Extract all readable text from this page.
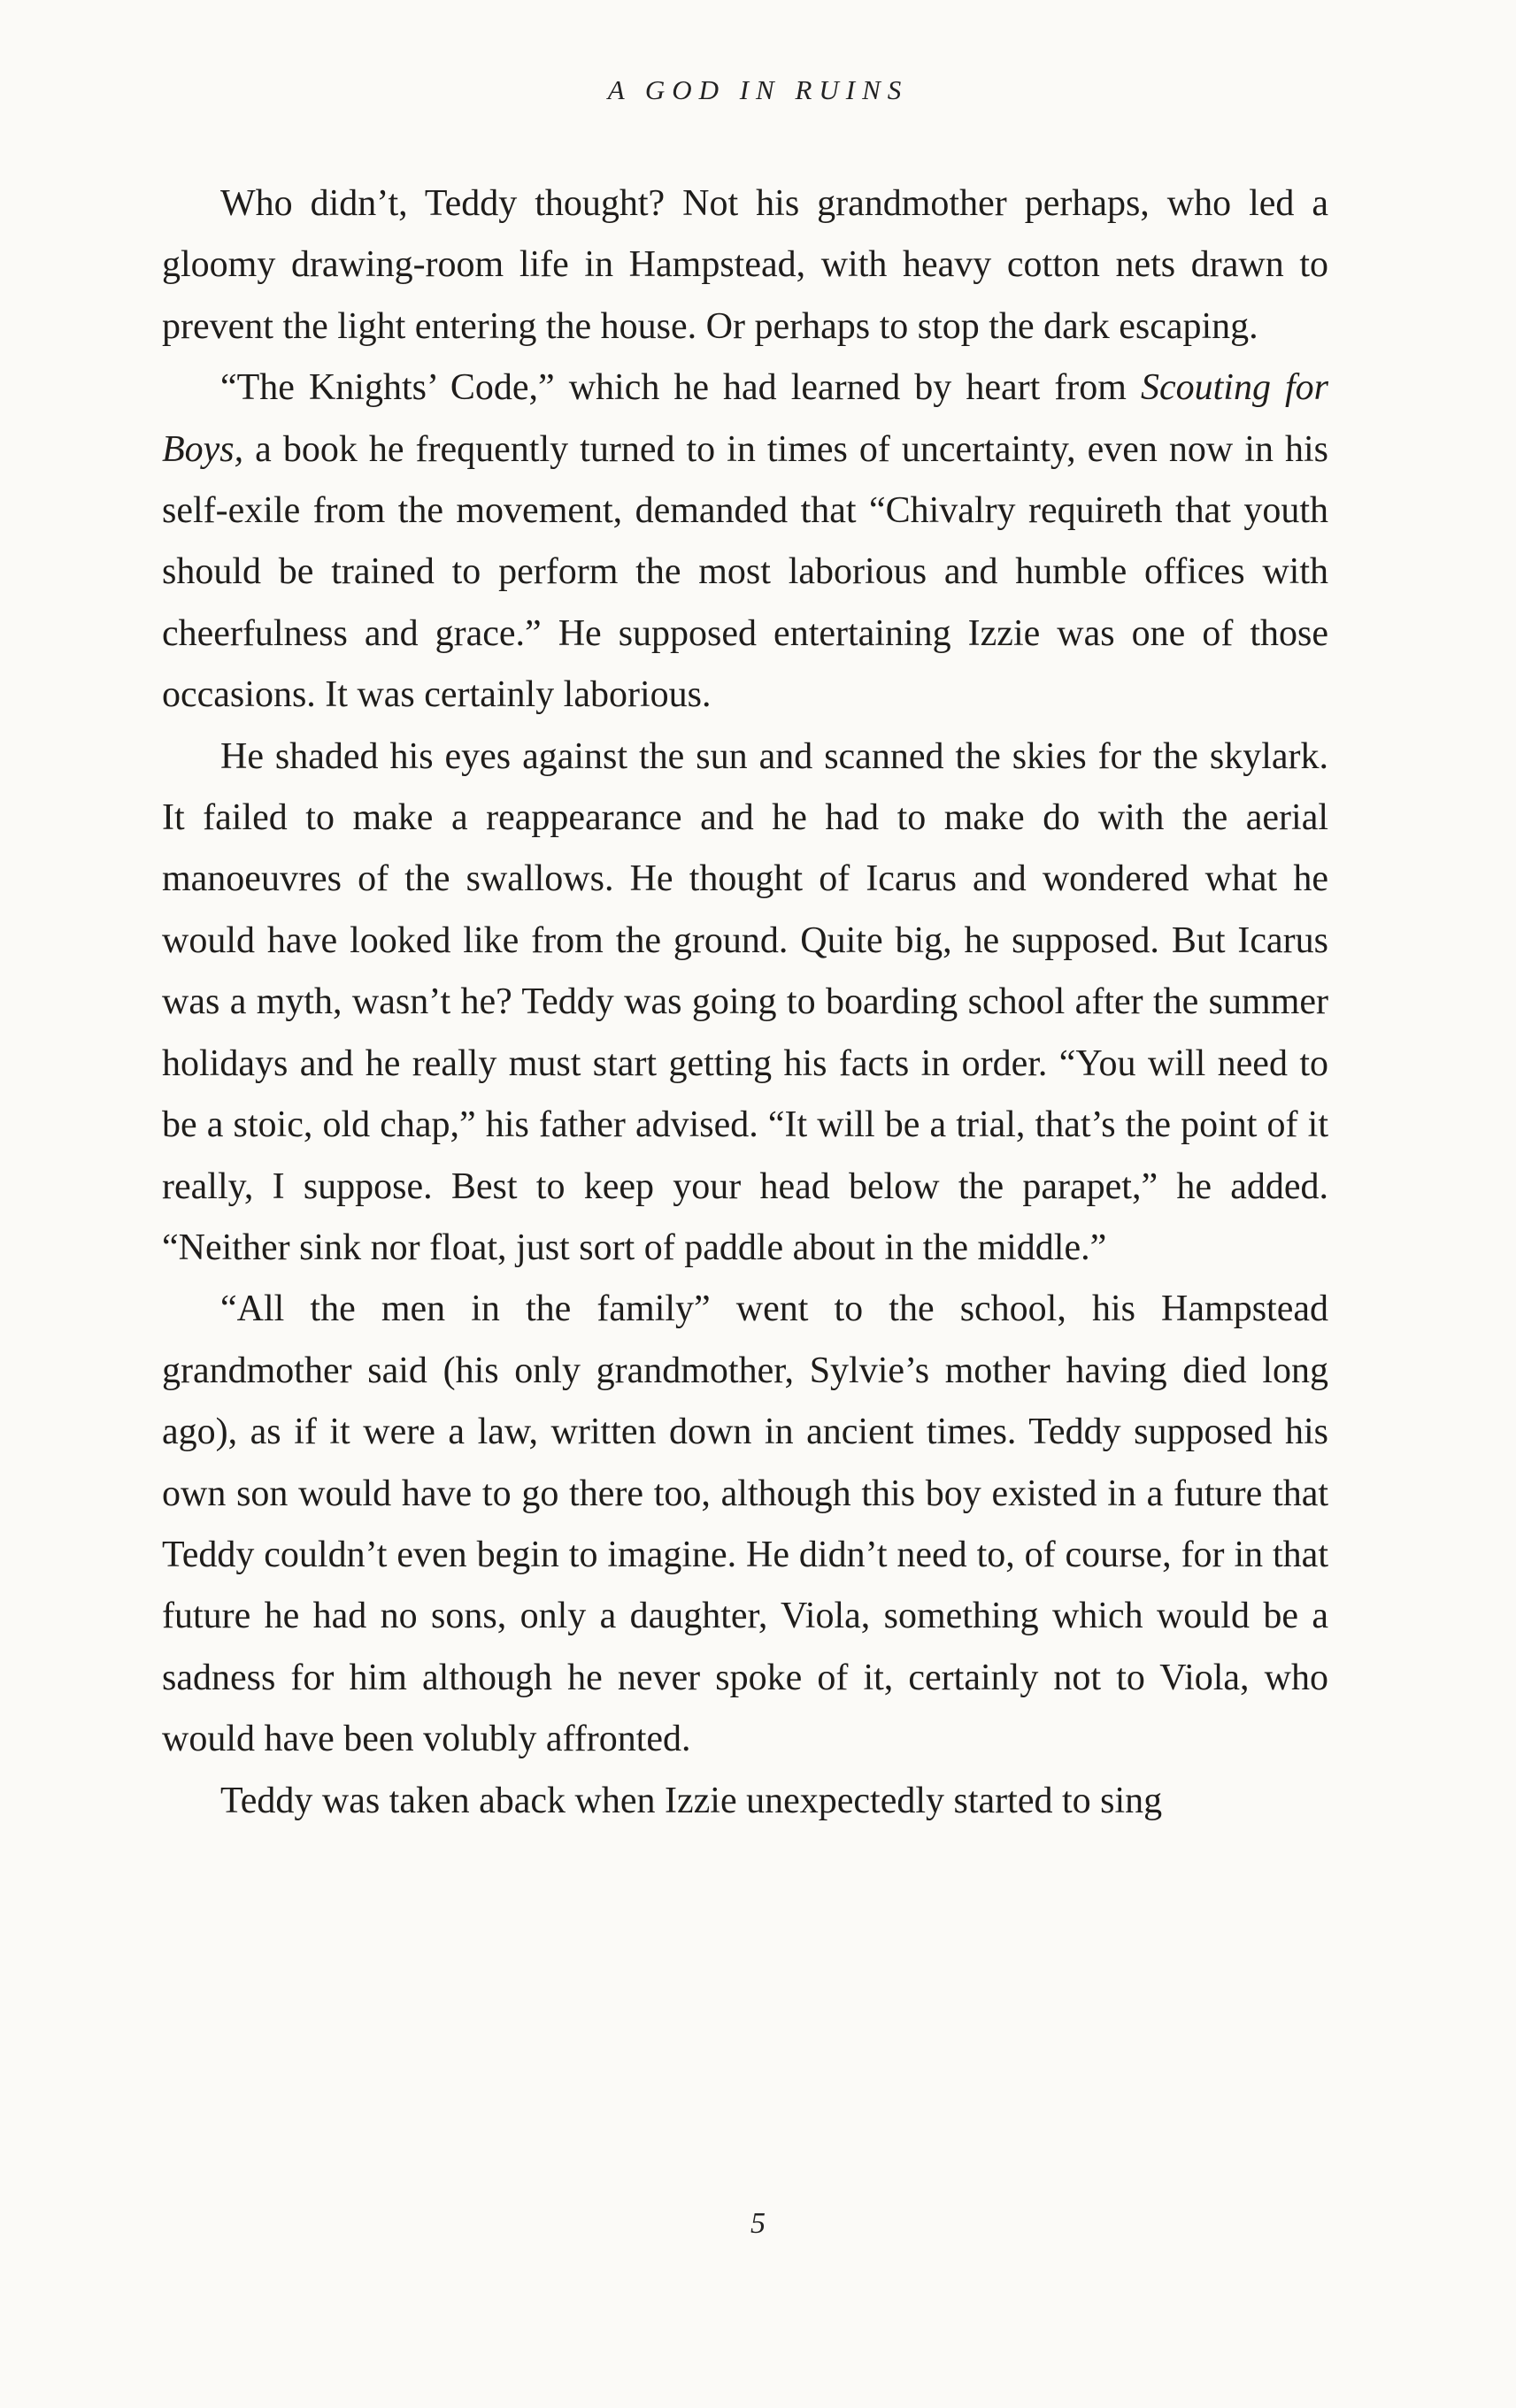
A GOD IN RUINS

Who didn’t, Teddy thought? Not his grandmother perhaps, who led a gloomy drawing-room life in Hampstead, with heavy cotton nets drawn to prevent the light entering the house. Or perhaps to stop the dark escaping.

“The Knights’ Code,” which he had learned by heart from Scouting for Boys, a book he frequently turned to in times of uncertainty, even now in his self-exile from the movement, demanded that “Chivalry requireth that youth should be trained to perform the most laborious and humble offices with cheerfulness and grace.” He supposed entertaining Izzie was one of those occasions. It was certainly laborious.

He shaded his eyes against the sun and scanned the skies for the skylark. It failed to make a reappearance and he had to make do with the aerial manoeuvres of the swallows. He thought of Icarus and wondered what he would have looked like from the ground. Quite big, he supposed. But Icarus was a myth, wasn’t he? Teddy was going to boarding school after the summer holidays and he really must start getting his facts in order. “You will need to be a stoic, old chap,” his father advised. “It will be a trial, that’s the point of it really, I suppose. Best to keep your head below the parapet,” he added. “Neither sink nor float, just sort of paddle about in the middle.”

“All the men in the family” went to the school, his Hampstead grandmother said (his only grandmother, Sylvie’s mother having died long ago), as if it were a law, written down in ancient times. Teddy supposed his own son would have to go there too, although this boy existed in a future that Teddy couldn’t even begin to imagine. He didn’t need to, of course, for in that future he had no sons, only a daughter, Viola, something which would be a sadness for him although he never spoke of it, certainly not to Viola, who would have been volubly affronted.

Teddy was taken aback when Izzie unexpectedly started to sing

5
